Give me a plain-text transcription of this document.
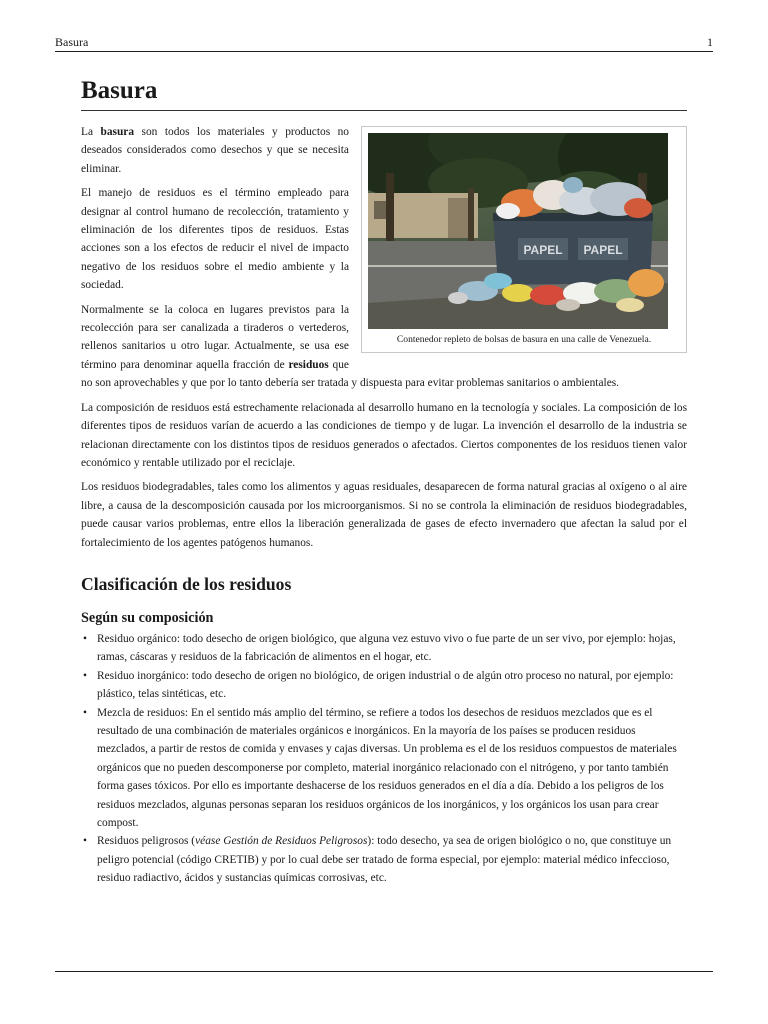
Basura	1
Basura
PAPEL PAPEL
Contenedor repleto de bolsas de basura en una calle de Venezuela.

La basura son todos los materiales y productos no deseados considerados como desechos y que se necesita eliminar.

El manejo de residuos es el término empleado para designar al control humano de recolección, tratamiento y eliminación de los diferentes tipos de residuos. Estas acciones son a los efectos de reducir el nivel de impacto negativo de los residuos sobre el medio ambiente y la sociedad.

Normalmente se la coloca en lugares previstos para la recolección para ser canalizada a tiraderos o vertederos, rellenos sanitarios u otro lugar. Actualmente, se usa ese término para denominar aquella fracción de residuos que no son aprovechables y que por lo tanto debería ser tratada y dispuesta para evitar problemas sanitarios o ambientales.

La composición de residuos está estrechamente relacionada al desarrollo humano en la tecnología y sociales. La composición de los diferentes tipos de residuos varían de acuerdo a las condiciones de tiempo y de lugar. La invención el desarrollo de la industria se relacionan directamente con los distintos tipos de residuos generados o afectados. Ciertos componentes de los residuos tienen valor económico y rentable utilizado por el reciclaje.

Los residuos biodegradables, tales como los alimentos y aguas residuales, desaparecen de forma natural gracias al oxígeno o al aire libre, a causa de la descomposición causada por los microorganismos. Si no se controla la eliminación de residuos biodegradables, puede causar varios problemas, entre ellos la liberación generalizada de gases de efecto invernadero que afectan la salud por el fortalecimiento de los agentes patógenos humanos.

Clasificación de los residuos
Según su composición
• Residuo orgánico: todo desecho de origen biológico, que alguna vez estuvo vivo o fue parte de un ser vivo, por ejemplo: hojas, ramas, cáscaras y residuos de la fabricación de alimentos en el hogar, etc.
• Residuo inorgánico: todo desecho de origen no biológico, de origen industrial o de algún otro proceso no natural, por ejemplo: plástico, telas sintéticas, etc.
• Mezcla de residuos: En el sentido más amplio del término, se refiere a todos los desechos de residuos mezclados que es el resultado de una combinación de materiales orgánicos e inorgánicos. En la mayoría de los países se producen residuos mezclados, a partir de restos de comida y envases y cajas diversas. Un problema es el de los residuos compuestos de materiales orgánicos que no pueden descomponerse por completo, material inorgánico relacionado con el nitrógeno, y por tanto también forma gases tóxicos. Por ello es importante deshacerse de los residuos generados en el día a día. Debido a los peligros de los residuos mezclados, algunas personas separan los residuos orgánicos de los inorgánicos, y los orgánicos los usan para crear compost.
• Residuos peligrosos (véase Gestión de Residuos Peligrosos): todo desecho, ya sea de origen biológico o no, que constituye un peligro potencial (código CRETIB) y por lo cual debe ser tratado de forma especial, por ejemplo: material médico infeccioso, residuo radiactivo, ácidos y sustancias químicas corrosivas, etc.
